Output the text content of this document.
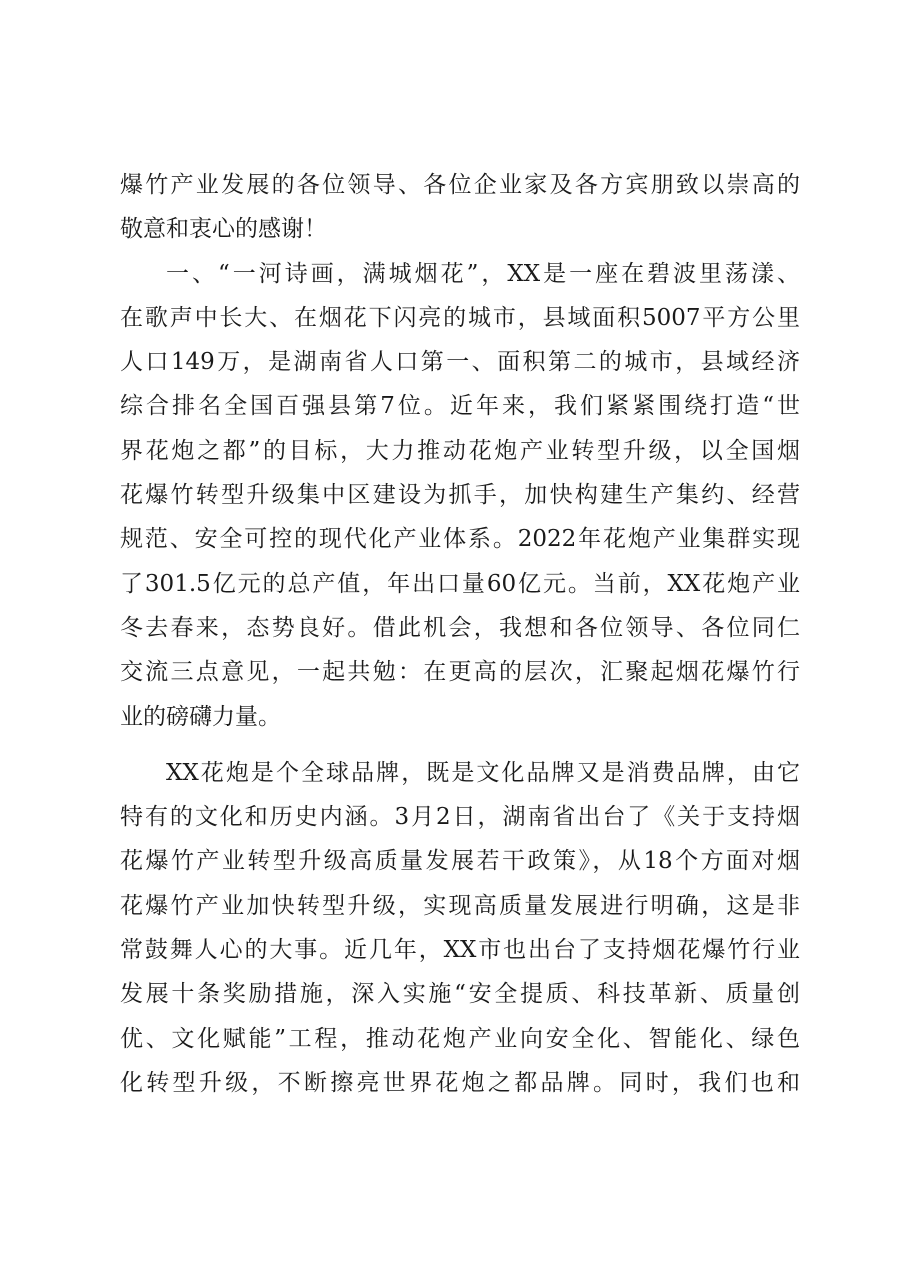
爆竹产业发展的各位领导、各位企业家及各方宾朋致以崇高的
敬意和衷心的感谢！
一、“一河诗画，满城烟花”，XX是一座在碧波里荡漾、
在歌声中长大、在烟花下闪亮的城市，县域面积5007平方公里
人口149万，是湖南省人口第一、面积第二的城市，县域经济
综合排名全国百强县第7位。近年来，我们紧紧围绕打造“世
界花炮之都”的目标，大力推动花炮产业转型升级，以全国烟
花爆竹转型升级集中区建设为抓手，加快构建生产集约、经营
规范、安全可控的现代化产业体系。2022年花炮产业集群实现
了301.5亿元的总产值，年出口量60亿元。当前，XX花炮产业
冬去春来，态势良好。借此机会，我想和各位领导、各位同仁
交流三点意见，一起共勉：在更高的层次，汇聚起烟花爆竹行
业的磅礴力量。
XX花炮是个全球品牌，既是文化品牌又是消费品牌，由它
特有的文化和历史内涵。3月2日，湖南省出台了《关于支持烟
花爆竹产业转型升级高质量发展若干政策》，从18个方面对烟
花爆竹产业加快转型升级，实现高质量发展进行明确，这是非
常鼓舞人心的大事。近几年，XX市也出台了支持烟花爆竹行业
发展十条奖励措施，深入实施“安全提质、科技革新、质量创
优、文化赋能”工程，推动花炮产业向安全化、智能化、绿色
化转型升级，不断擦亮世界花炮之都品牌。同时，我们也和
